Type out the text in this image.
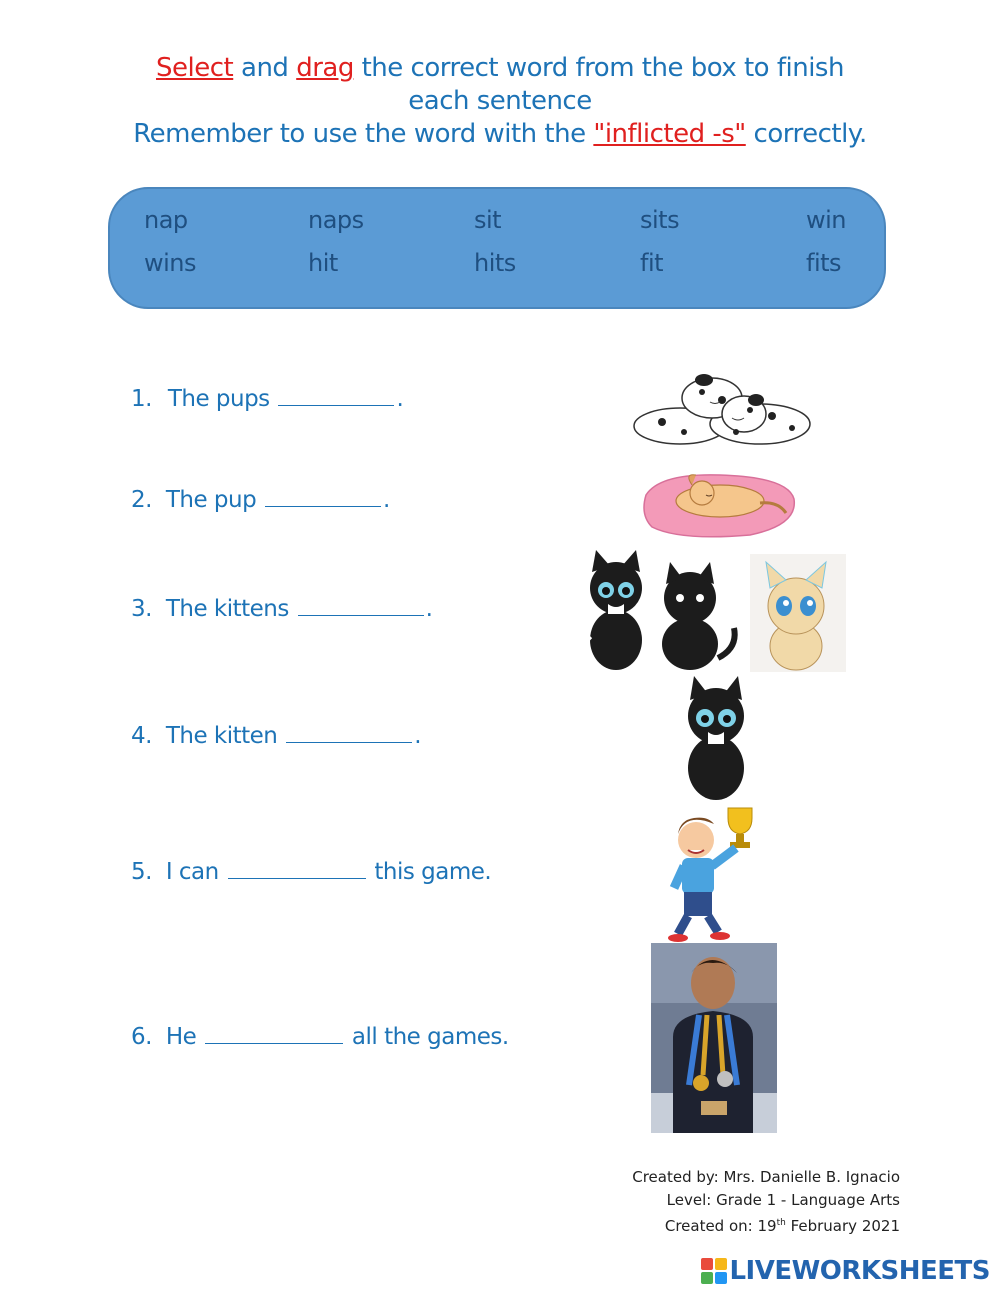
Select and drag the correct word from the box to finish
each sentence
Remember to use the word with the "inflicted -s" correctly.
nap	naps	sit	sits	win
wins	hit	hits	fit	fits
1. The pups	.
2. The pup	.
3. The kittens	.
4. The kitten	.
5. I can	this game.
6. He	all the games.
Created by: Mrs. Danielle B. Ignacio
Level: Grade 1 - Language Arts
Created on: 19th February 2021
LIVEWORKSHEETS
